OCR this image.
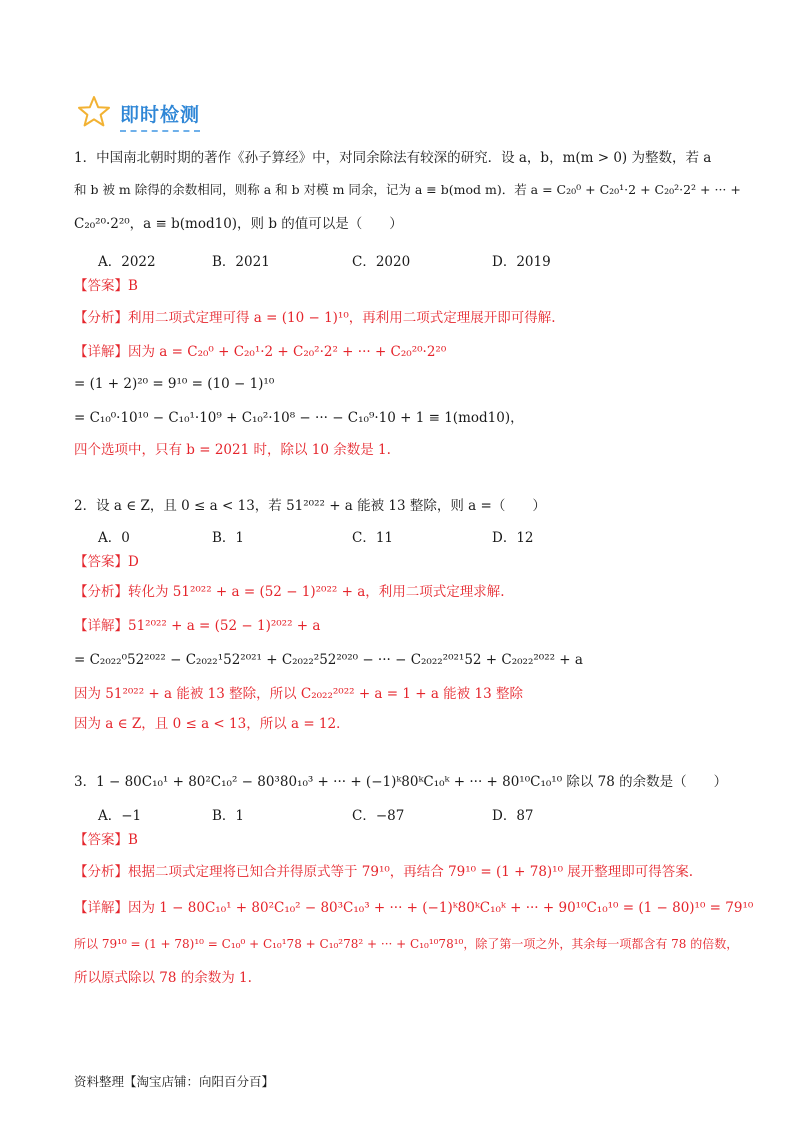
即时检测
1．中国南北朝时期的著作《孙子算经》中，对同余除法有较深的研究．设 a，b，m(m > 0) 为整数，若 a
和 b 被 m 除得的余数相同，则称 a 和 b 对模 m 同余，记为 a ≡ b(mod m)．若 a = C₂₀⁰ + C₂₀¹·2 + C₂₀²·2² + ··· +
C₂₀²⁰·2²⁰，a ≡ b(mod10)，则 b 的值可以是（　　）
A．2022	B．2021	C．2020	D．2019
【答案】B
【分析】利用二项式定理可得 a = (10 − 1)¹⁰，再利用二项式定理展开即可得解.
【详解】因为 a = C₂₀⁰ + C₂₀¹·2 + C₂₀²·2² + ··· + C₂₀²⁰·2²⁰
= (1 + 2)²⁰ = 9¹⁰ = (10 − 1)¹⁰
= C₁₀⁰·10¹⁰ − C₁₀¹·10⁹ + C₁₀²·10⁸ − ··· − C₁₀⁹·10 + 1 ≡ 1(mod10)，
四个选项中，只有 b = 2021 时，除以 10 余数是 1.
2．设 a ∈ Z，且 0 ≤ a < 13，若 51²⁰²² + a 能被 13 整除，则 a =（　　）
A．0	B．1	C．11	D．12
【答案】D
【分析】转化为 51²⁰²² + a = (52 − 1)²⁰²² + a，利用二项式定理求解.
【详解】51²⁰²² + a = (52 − 1)²⁰²² + a
= C₂₀₂₂⁰52²⁰²² − C₂₀₂₂¹52²⁰²¹ + C₂₀₂₂²52²⁰²⁰ − ··· − C₂₀₂₂²⁰²¹52 + C₂₀₂₂²⁰²² + a
因为 51²⁰²² + a 能被 13 整除，所以 C₂₀₂₂²⁰²² + a = 1 + a 能被 13 整除
因为 a ∈ Z，且 0 ≤ a < 13，所以 a = 12．
3．1 − 80C₁₀¹ + 80²C₁₀² − 80³80₁₀³ + ··· + (−1)ᵏ80ᵏC₁₀ᵏ + ··· + 80¹⁰C₁₀¹⁰ 除以 78 的余数是（　　）
A．−1	B．1	C．−87	D．87
【答案】B
【分析】根据二项式定理将已知合并得原式等于 79¹⁰，再结合 79¹⁰ = (1 + 78)¹⁰ 展开整理即可得答案.
【详解】因为 1 − 80C₁₀¹ + 80²C₁₀² − 80³C₁₀³ + ··· + (−1)ᵏ80ᵏC₁₀ᵏ + ··· + 90¹⁰C₁₀¹⁰ = (1 − 80)¹⁰ = 79¹⁰
所以 79¹⁰ = (1 + 78)¹⁰ = C₁₀⁰ + C₁₀¹78 + C₁₀²78² + ··· + C₁₀¹⁰78¹⁰，除了第一项之外，其余每一项都含有 78 的倍数，
所以原式除以 78 的余数为 1.
资料整理【淘宝店铺：向阳百分百】
